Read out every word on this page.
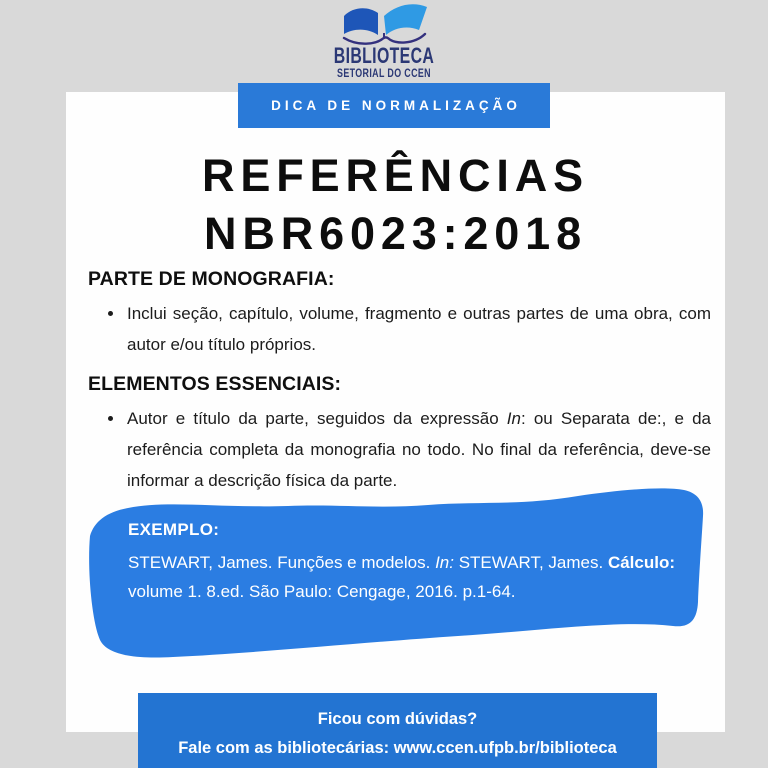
BIBLIOTECA
SETORIAL DO CCEN
DICA DE NORMALIZAÇÃO
REFERÊNCIAS
NBR6023:2018
PARTE DE MONOGRAFIA:
• Inclui seção, capítulo, volume, fragmento e outras partes de uma obra, com autor e/ou título próprios.
ELEMENTOS ESSENCIAIS:
• Autor e título da parte, seguidos da expressão In: ou Separata de:, e da referência completa da monografia no todo. No final da referência, deve-se informar a descrição física da parte.
EXEMPLO:
STEWART, James. Funções e modelos. In: STEWART, James. Cálculo: volume 1. 8.ed. São Paulo: Cengage, 2016. p.1-64.
Ficou com dúvidas?
Fale com as bibliotecárias: www.ccen.ufpb.br/biblioteca
